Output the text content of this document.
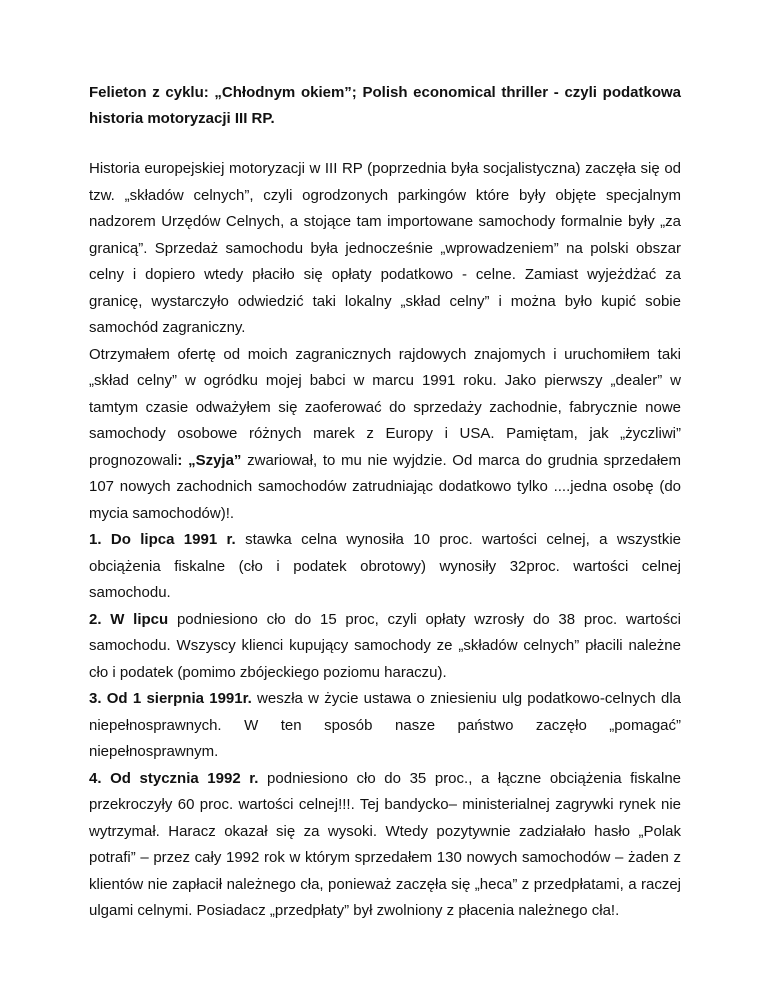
Felieton z cyklu: „Chłodnym okiem”; Polish economical thriller - czyli podatkowa historia motoryzacji III RP.

Historia europejskiej motoryzacji w III RP (poprzednia była socjalistyczna) zaczęła się od tzw. „składów celnych”, czyli ogrodzonych parkingów które były objęte specjalnym nadzorem Urzędów Celnych, a stojące tam importowane samochody formalnie były „za granicą”. Sprzedaż samochodu była jednocześnie „wprowadzeniem” na polski obszar celny i dopiero wtedy płaciło się opłaty podatkowo - celne. Zamiast wyjeżdżać za granicę, wystarczyło odwiedzić taki lokalny „skład celny” i można było kupić sobie samochód zagraniczny.

Otrzymałem ofertę od moich zagranicznych rajdowych znajomych i uruchomiłem taki „skład celny” w ogródku mojej babci w marcu 1991 roku. Jako pierwszy „dealer” w tamtym czasie odważyłem się zaoferować do sprzedaży zachodnie, fabrycznie nowe samochody osobowe różnych marek z Europy i USA. Pamiętam, jak „życzliwi” prognozowali: „Szyja” zwariował, to mu nie wyjdzie. Od marca do grudnia sprzedałem 107 nowych zachodnich samochodów zatrudniając dodatkowo tylko ....jedna osobę (do mycia samochodów)!.

1. Do lipca 1991 r. stawka celna wynosiła 10 proc. wartości celnej, a wszystkie obciążenia fiskalne (cło i podatek obrotowy) wynosiły 32proc. wartości celnej samochodu.

2. W lipcu podniesiono cło do 15 proc, czyli opłaty wzrosły do 38 proc. wartości samochodu. Wszyscy klienci kupujący samochody ze „składów celnych” płacili należne cło i podatek (pomimo zbójeckiego poziomu haraczu).

3. Od 1 sierpnia 1991r. weszła w życie ustawa o zniesieniu ulg podatkowo-celnych dla niepełnosprawnych. W ten sposób nasze państwo zaczęło „pomagać” niepełnosprawnym.

4. Od stycznia 1992 r. podniesiono cło do 35 proc., a łączne obciążenia fiskalne przekroczyły 60 proc. wartości celnej!!!. Tej bandycko– ministerialnej zagrywki rynek nie wytrzymał. Haracz okazał się za wysoki. Wtedy pozytywnie zadziałało hasło „Polak potrafi” – przez cały 1992 rok w którym sprzedałem 130 nowych samochodów – żaden z klientów nie zapłacił należnego cła, ponieważ zaczęła się „heca” z przedpłatami, a raczej ulgami celnymi. Posiadacz „przedpłaty” był zwolniony z płacenia należnego cła!.
